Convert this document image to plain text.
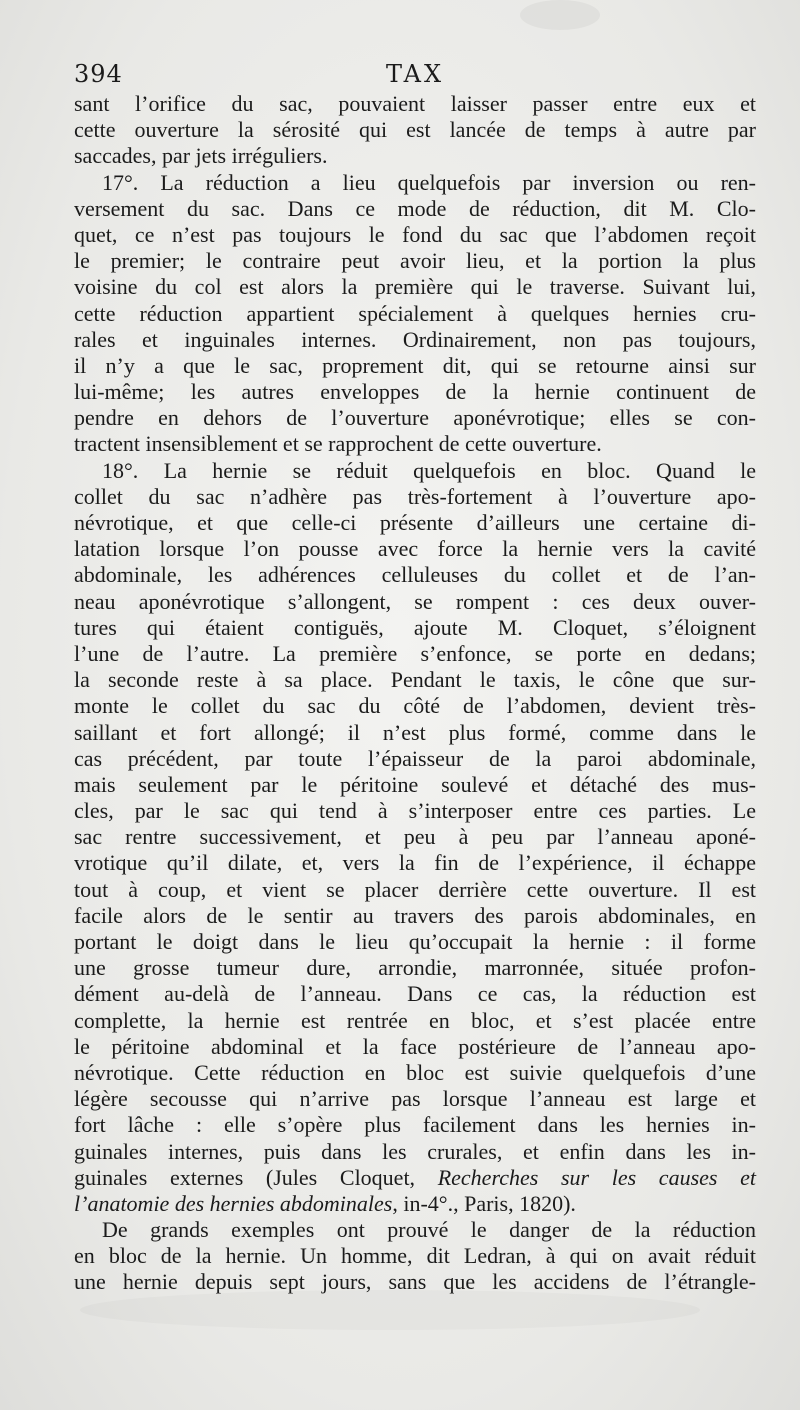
394	TAX
sant l’orifice du sac, pouvaient laisser passer entre eux et
cette ouverture la sérosité qui est lancée de temps à autre par
saccades, par jets irréguliers.
17°. La réduction a lieu quelquefois par inversion ou ren-
versement du sac. Dans ce mode de réduction, dit M. Clo-
quet, ce n’est pas toujours le fond du sac que l’abdomen reçoit
le premier; le contraire peut avoir lieu, et la portion la plus
voisine du col est alors la première qui le traverse. Suivant lui,
cette réduction appartient spécialement à quelques hernies cru-
rales et inguinales internes. Ordinairement, non pas toujours,
il n’y a que le sac, proprement dit, qui se retourne ainsi sur
lui-même; les autres enveloppes de la hernie continuent de
pendre en dehors de l’ouverture aponévrotique; elles se con-
tractent insensiblement et se rapprochent de cette ouverture.
18°. La hernie se réduit quelquefois en bloc. Quand le
collet du sac n’adhère pas très-fortement à l’ouverture apo-
névrotique, et que celle-ci présente d’ailleurs une certaine di-
latation lorsque l’on pousse avec force la hernie vers la cavité
abdominale, les adhérences celluleuses du collet et de l’an-
neau aponévrotique s’allongent, se rompent : ces deux ouver-
tures qui étaient contiguës, ajoute M. Cloquet, s’éloignent
l’une de l’autre. La première s’enfonce, se porte en dedans;
la seconde reste à sa place. Pendant le taxis, le cône que sur-
monte le collet du sac du côté de l’abdomen, devient très-
saillant et fort allongé; il n’est plus formé, comme dans le
cas précédent, par toute l’épaisseur de la paroi abdominale,
mais seulement par le péritoine soulevé et détaché des mus-
cles, par le sac qui tend à s’interposer entre ces parties. Le
sac rentre successivement, et peu à peu par l’anneau aponé-
vrotique qu’il dilate, et, vers la fin de l’expérience, il échappe
tout à coup, et vient se placer derrière cette ouverture. Il est
facile alors de le sentir au travers des parois abdominales, en
portant le doigt dans le lieu qu’occupait la hernie : il forme
une grosse tumeur dure, arrondie, marronnée, située profon-
dément au-delà de l’anneau. Dans ce cas, la réduction est
complette, la hernie est rentrée en bloc, et s’est placée entre
le péritoine abdominal et la face postérieure de l’anneau apo-
névrotique. Cette réduction en bloc est suivie quelquefois d’une
légère secousse qui n’arrive pas lorsque l’anneau est large et
fort lâche : elle s’opère plus facilement dans les hernies in-
guinales internes, puis dans les crurales, et enfin dans les in-
guinales externes (Jules Cloquet, Recherches sur les causes et
l’anatomie des hernies abdominales, in-4°., Paris, 1820).
De grands exemples ont prouvé le danger de la réduction
en bloc de la hernie. Un homme, dit Ledran, à qui on avait réduit
une hernie depuis sept jours, sans que les accidens de l’étrangle-
